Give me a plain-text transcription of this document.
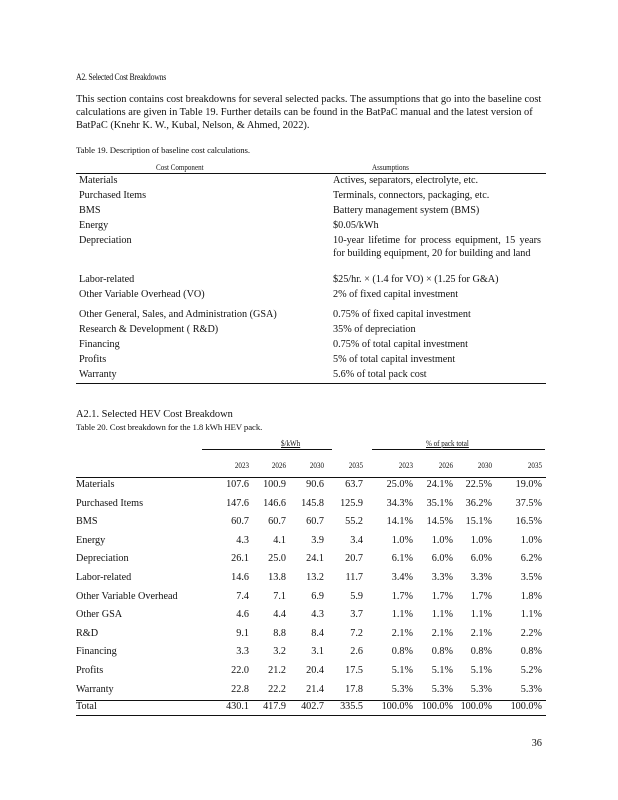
A2. Selected Cost Breakdowns
This section contains cost breakdowns for several selected packs. The assumptions that go into the baseline cost calculations are given in Table 19. Further details can be found in the BatPaC manual and the latest version of BatPaC (Knehr K. W., Kubal, Nelson, & Ahmed, 2022).
Table 19. Description of baseline cost calculations.
Cost Component	Assumptions
Materials	Actives, separators, electrolyte, etc.
Purchased Items	Terminals, connectors, packaging, etc.
BMS	Battery management system (BMS)
Energy	$0.05/kWh
Depreciation	10-year lifetime for process equipment, 15 years for building equipment, 20 for building and land
Labor-related	$25/hr. × (1.4 for VO) × (1.25 for G&A)
Other Variable Overhead (VO)	2% of fixed capital investment
Other General, Sales, and Administration (GSA)	0.75% of fixed capital investment
Research & Development ( R&D)	35% of depreciation
Financing	0.75% of total capital investment
Profits	5% of total capital investment
Warranty	5.6% of total pack cost
A2.1. Selected HEV Cost Breakdown
Table 20. Cost breakdown for the 1.8 kWh HEV pack.
$/kWh	% of pack total
2023	2026	2030	2035	2023	2026	2030	2035
Materials	107.6	100.9	90.6	63.7	25.0%	24.1%	22.5%	19.0%
Purchased Items	147.6	146.6	145.8	125.9	34.3%	35.1%	36.2%	37.5%
BMS	60.7	60.7	60.7	55.2	14.1%	14.5%	15.1%	16.5%
Energy	4.3	4.1	3.9	3.4	1.0%	1.0%	1.0%	1.0%
Depreciation	26.1	25.0	24.1	20.7	6.1%	6.0%	6.0%	6.2%
Labor-related	14.6	13.8	13.2	11.7	3.4%	3.3%	3.3%	3.5%
Other Variable Overhead	7.4	7.1	6.9	5.9	1.7%	1.7%	1.7%	1.8%
Other GSA	4.6	4.4	4.3	3.7	1.1%	1.1%	1.1%	1.1%
R&D	9.1	8.8	8.4	7.2	2.1%	2.1%	2.1%	2.2%
Financing	3.3	3.2	3.1	2.6	0.8%	0.8%	0.8%	0.8%
Profits	22.0	21.2	20.4	17.5	5.1%	5.1%	5.1%	5.2%
Warranty	22.8	22.2	21.4	17.8	5.3%	5.3%	5.3%	5.3%
Total	430.1	417.9	402.7	335.5	100.0% 100.0% 100.0%	100.0%
36
